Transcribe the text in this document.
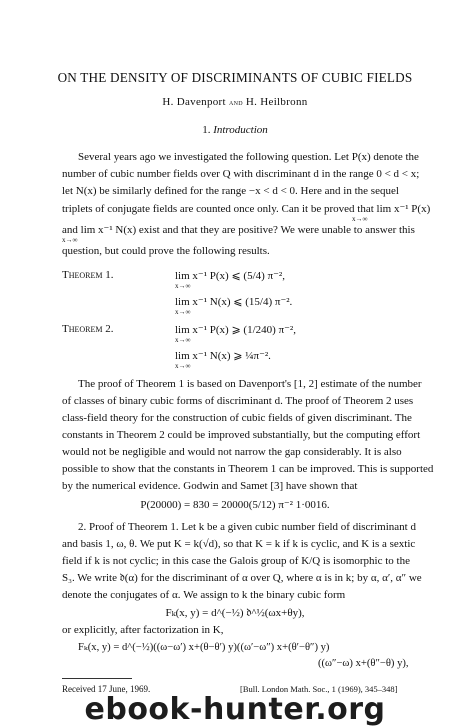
ON THE DENSITY OF DISCRIMINANTS OF CUBIC FIELDS
H. Davenport and H. Heilbronn
1. Introduction
Several years ago we investigated the following question. Let P(x) denote the
number of cubic number fields over Q with discriminant d in the range 0 < d < x;
let N(x) be similarly defined for the range −x < d < 0. Here and in the sequel
triplets of conjugate fields are counted once only. Can it be proved that lim x⁻¹ P(x)
x→∞
and lim x⁻¹ N(x) exist and that they are positive? We were unable to answer this
x→∞
question, but could prove the following results.
Theorem 1.	lim x⁻¹ P(x) ⩽ (5/4) π⁻²,
x→∞
lim x⁻¹ N(x) ⩽ (15/4) π⁻².
x→∞
Theorem 2.	lim x⁻¹ P(x) ⩾ (1/240) π⁻²,
x→∞
lim x⁻¹ N(x) ⩾ ¼π⁻².
x→∞
The proof of Theorem 1 is based on Davenport's [1, 2] estimate of the number
of classes of binary cubic forms of discriminant d. The proof of Theorem 2 uses
class-field theory for the construction of cubic fields of given discriminant. The
constants in Theorem 2 could be improved substantially, but the computing effort
would not be negligible and would not narrow the gap considerably. It is also
possible to show that the constants in Theorem 1 can be improved. This is supported
by the numerical evidence. Godwin and Samet [3] have shown that
P(20000) = 830 = 20000(5/12) π⁻² 1·0016.
2. Proof of Theorem 1. Let k be a given cubic number field of discriminant d
and basis 1, ω, θ. We put K = k(√d), so that K = k if k is cyclic, and K is a sextic
field if k is not cyclic; in this case the Galois group of K/Q is isomorphic to the
S₃. We write 𝔡(α) for the discriminant of α over Q, where α is in k; by α, α′, α″ we
denote the conjugates of α. We assign to k the binary cubic form
Received 17 June, 1969.	[Bull. London Math. Soc., 1 (1969), 345–348]
ebook-hunter.org
Fₖ(x, y) = d^(−½) 𝔡^½(ωx+θy),
or explicitly, after factorization in K,
Fₖ(x, y) = d^(−½)((ω−ω′) x+(θ−θ′) y)((ω′−ω″) x+(θ′−θ″) y)
((ω″−ω) x+(θ″−θ) y),
